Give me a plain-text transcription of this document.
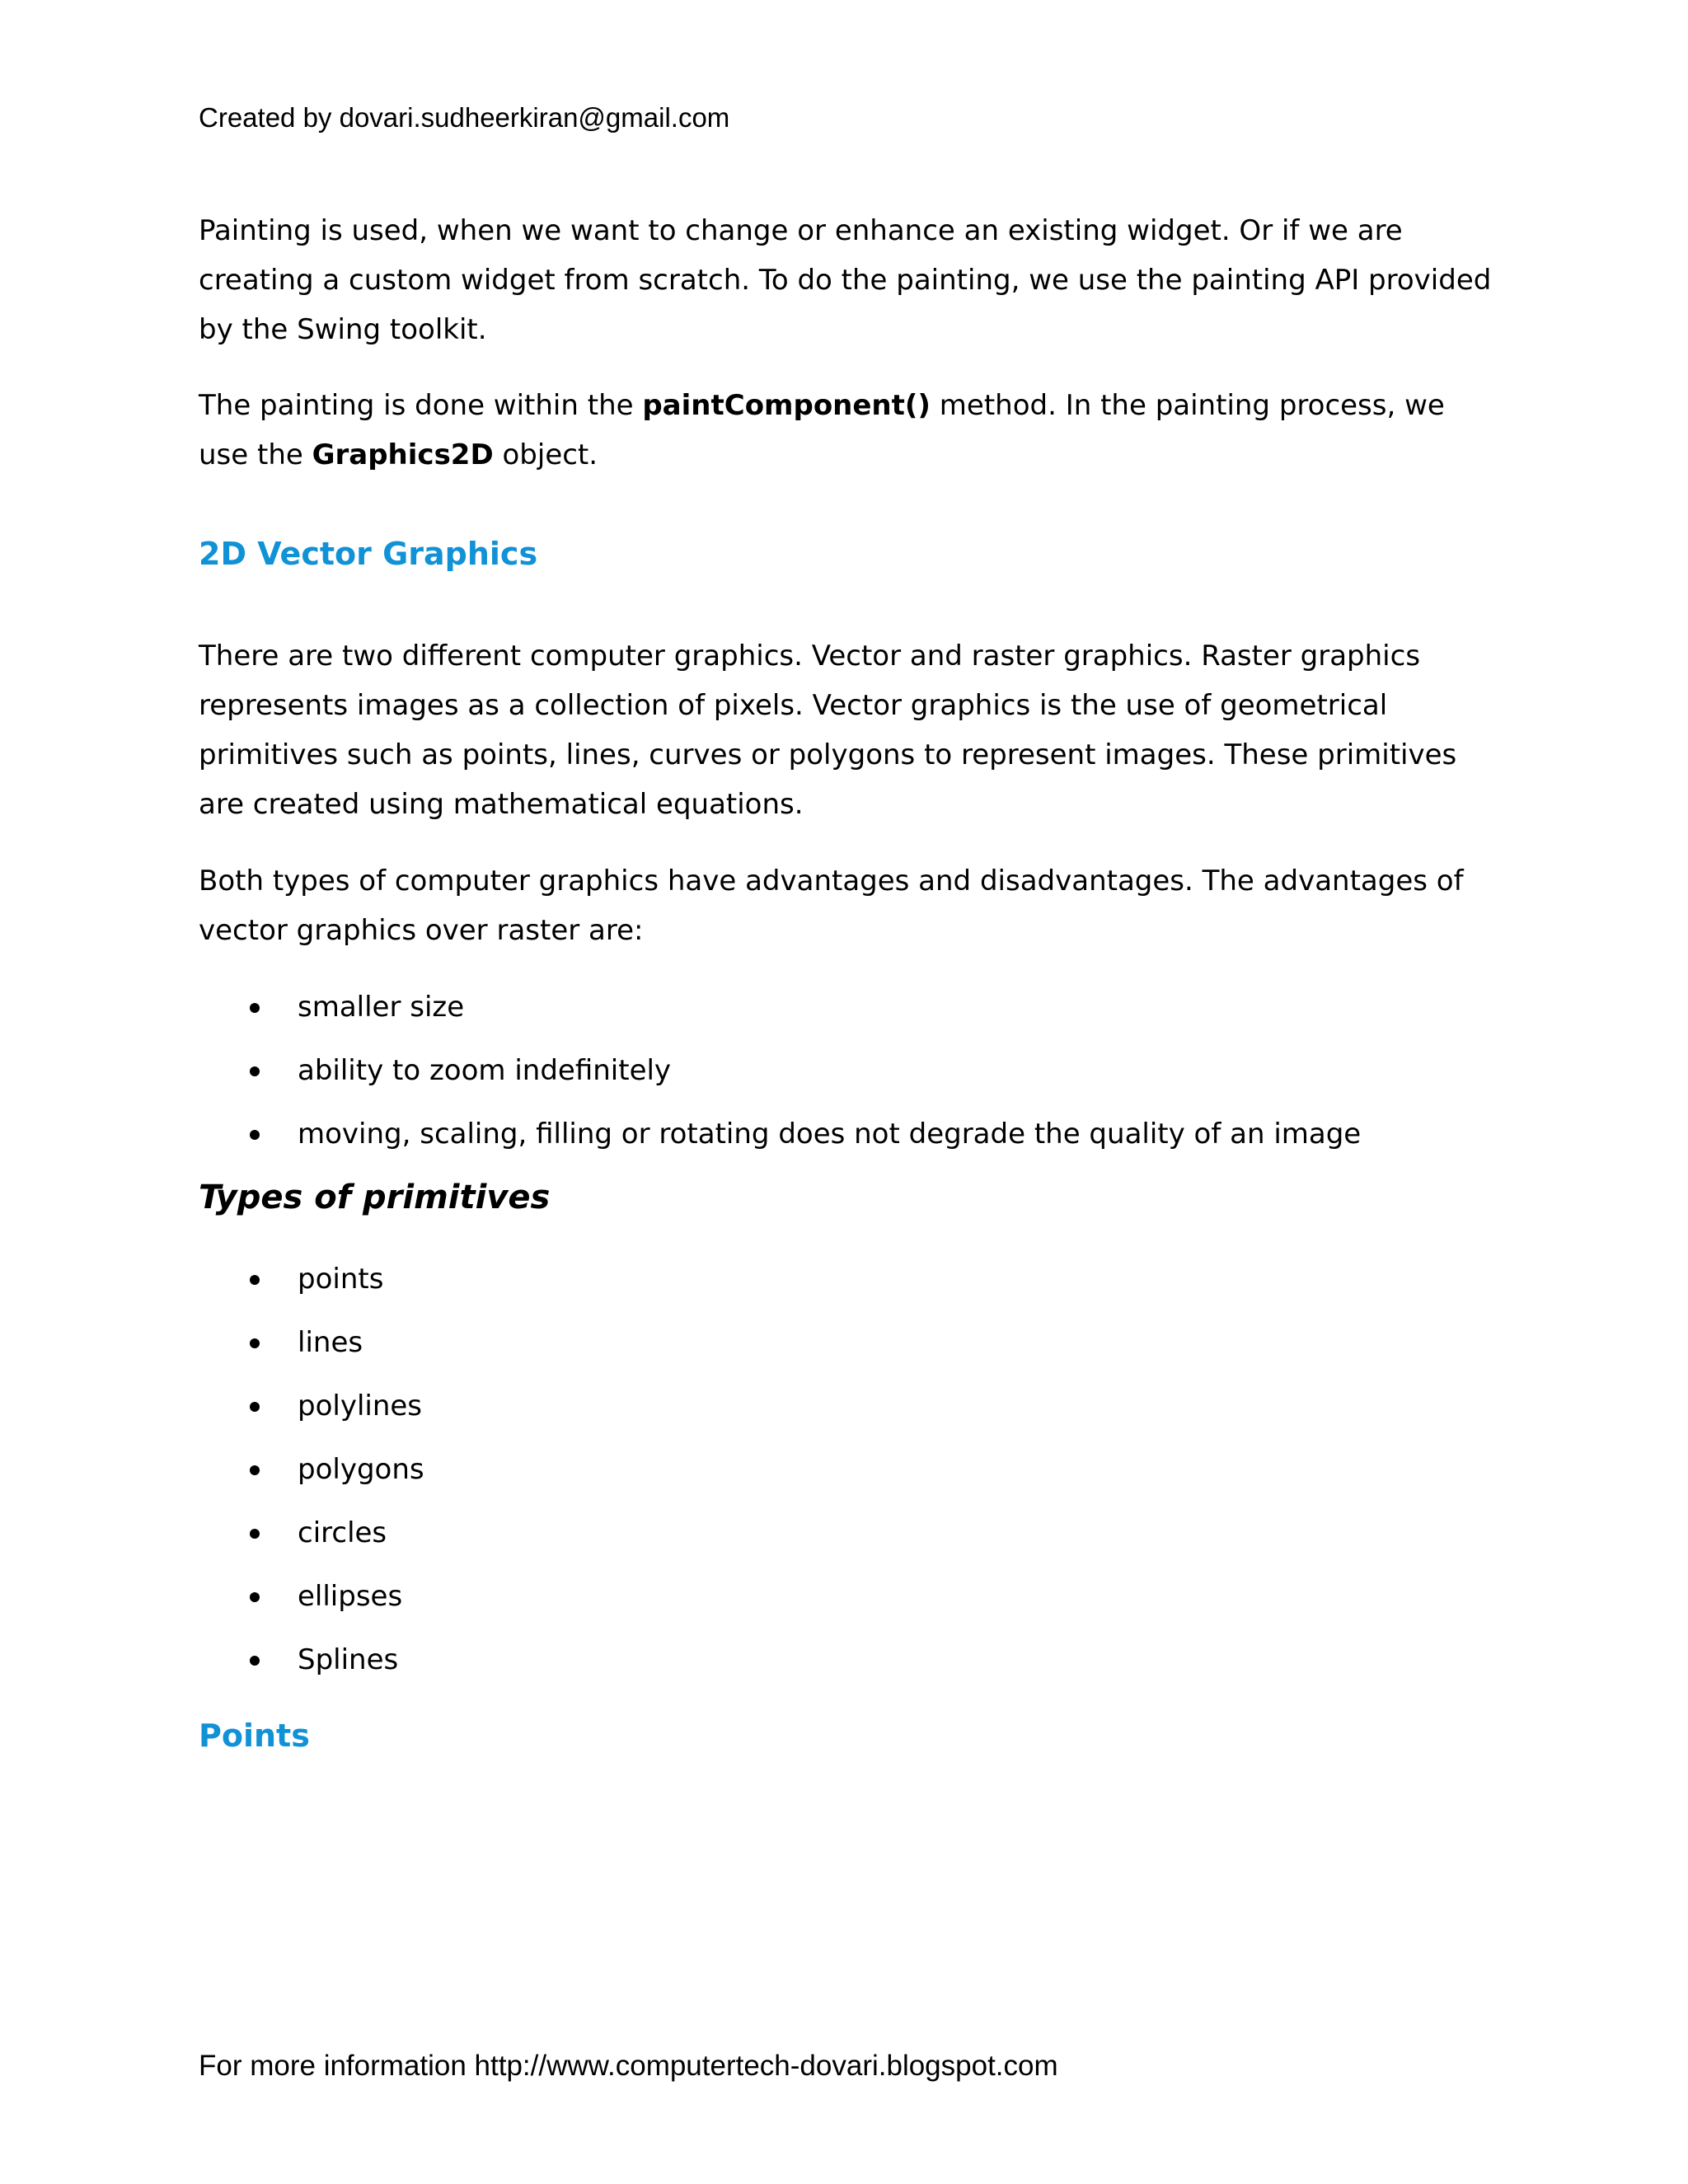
Created by dovari.sudheerkiran@gmail.com

Painting is used, when we want to change or enhance an existing widget. Or if we are creating a custom widget from scratch. To do the painting, we use the painting API provided by the Swing toolkit.

The painting is done within the paintComponent() method. In the painting process, we use the Graphics2D object.

2D Vector Graphics

There are two different computer graphics. Vector and raster graphics. Raster graphics represents images as a collection of pixels. Vector graphics is the use of geometrical primitives such as points, lines, curves or polygons to represent images. These primitives are created using mathematical equations.

Both types of computer graphics have advantages and disadvantages. The advantages of vector graphics over raster are:

smaller size
ability to zoom indefinitely
moving, scaling, filling or rotating does not degrade the quality of an image
Types of primitives
points
lines
polylines
polygons
circles
ellipses
Splines
Points
For more information http://www.computertech-dovari.blogspot.com
